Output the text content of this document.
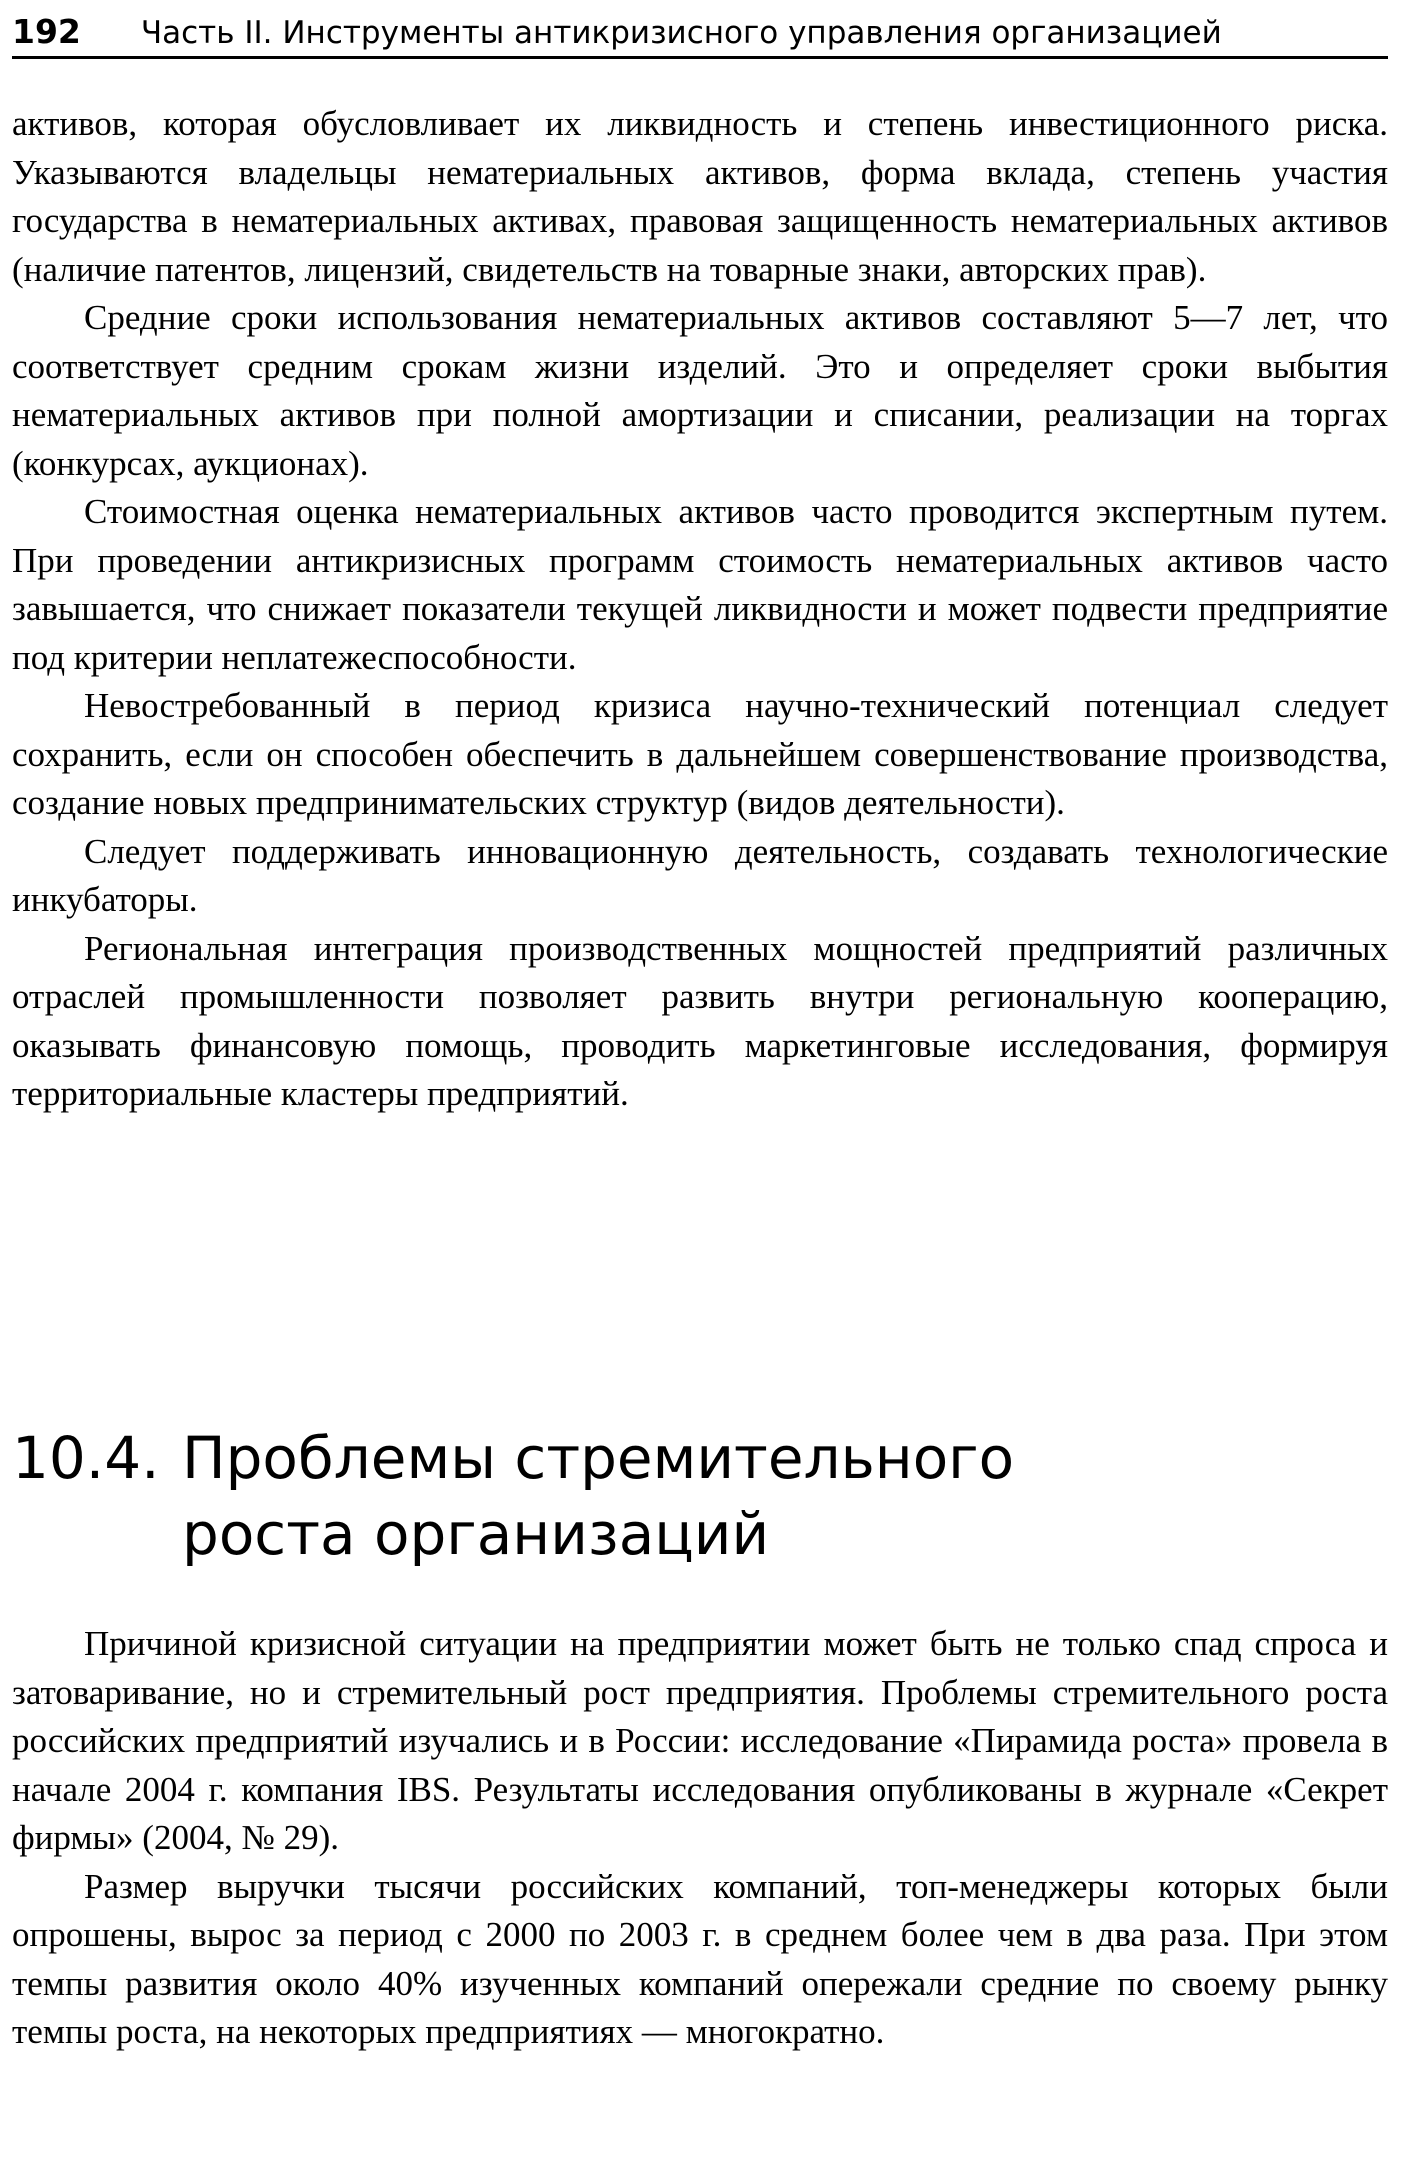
192 Часть II. Инструменты антикризисного управления организацией

активов, которая обусловливает их ликвидность и степень инвестиционного риска. Указываются владельцы нематериальных активов, форма вклада, степень участия государства в нематериальных активах, правовая защищенность нематериальных активов (наличие патентов, лицензий, свидетельств на товарные знаки, авторских прав).

Средние сроки использования нематериальных активов составляют 5—7 лет, что соответствует средним срокам жизни изделий. Это и определяет сроки выбытия нематериальных активов при полной амортизации и списании, реализации на торгах (конкурсах, аукционах).

Стоимостная оценка нематериальных активов часто проводится экспертным путем. При проведении антикризисных программ стоимость нематериальных активов часто завышается, что снижает показатели текущей ликвидности и может подвести предприятие под критерии неплатежеспособности.

Невостребованный в период кризиса научно-технический потенциал следует сохранить, если он способен обеспечить в дальнейшем совершенствование производства, создание новых предпринимательских структур (видов деятельности).

Следует поддерживать инновационную деятельность, создавать технологические инкубаторы.

Региональная интеграция производственных мощностей предприятий различных отраслей промышленности позволяет развить внутри региональную кооперацию, оказывать финансовую помощь, проводить маркетинговые исследования, формируя территориальные кластеры предприятий.

10.4. Проблемы стремительного
роста организаций

Причиной кризисной ситуации на предприятии может быть не только спад спроса и затоваривание, но и стремительный рост предприятия. Проблемы стремительного роста российских предприятий изучались и в России: исследование «Пирамида роста» провела в начале 2004 г. компания IBS. Результаты исследования опубликованы в журнале «Секрет фирмы» (2004, № 29).

Размер выручки тысячи российских компаний, топ-менеджеры которых были опрошены, вырос за период с 2000 по 2003 г. в среднем более чем в два раза. При этом темпы развития около 40% изученных компаний опережали средние по своему рынку темпы роста, на некоторых предприятиях — многократно.
